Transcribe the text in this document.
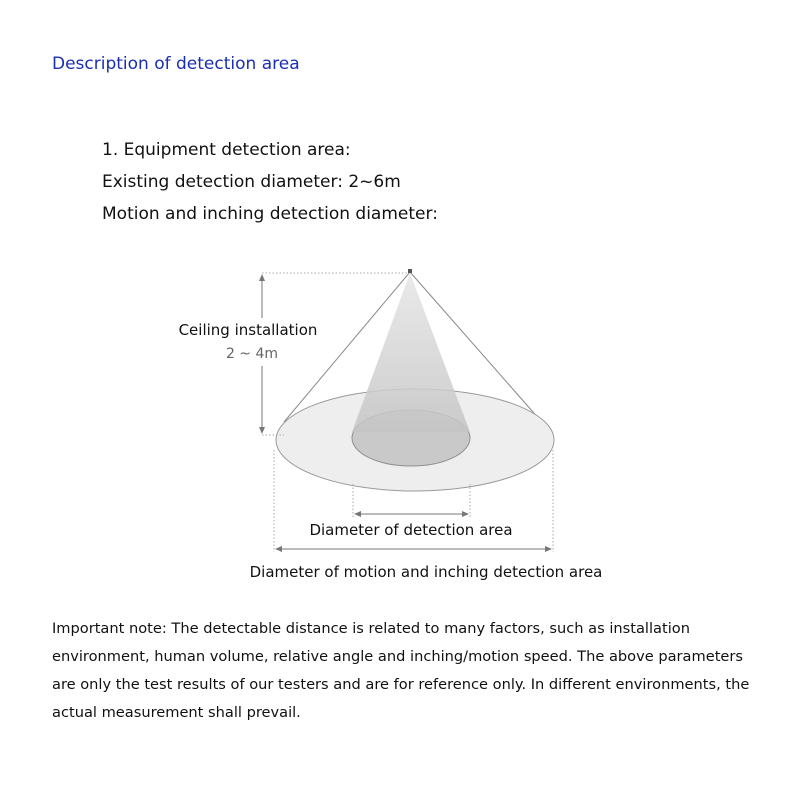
Description of detection area
1. Equipment detection area:
Existing detection diameter: 2~6m
Motion and inching detection diameter:
Ceiling installation
2 ~ 4m
Diameter of detection area
Diameter of motion and inching detection area
Important note: The detectable distance is related to many factors, such as installation
environment, human volume, relative angle and inching/motion speed. The above parameters
are only the test results of our testers and are for reference only. In different environments, the
actual measurement shall prevail.
